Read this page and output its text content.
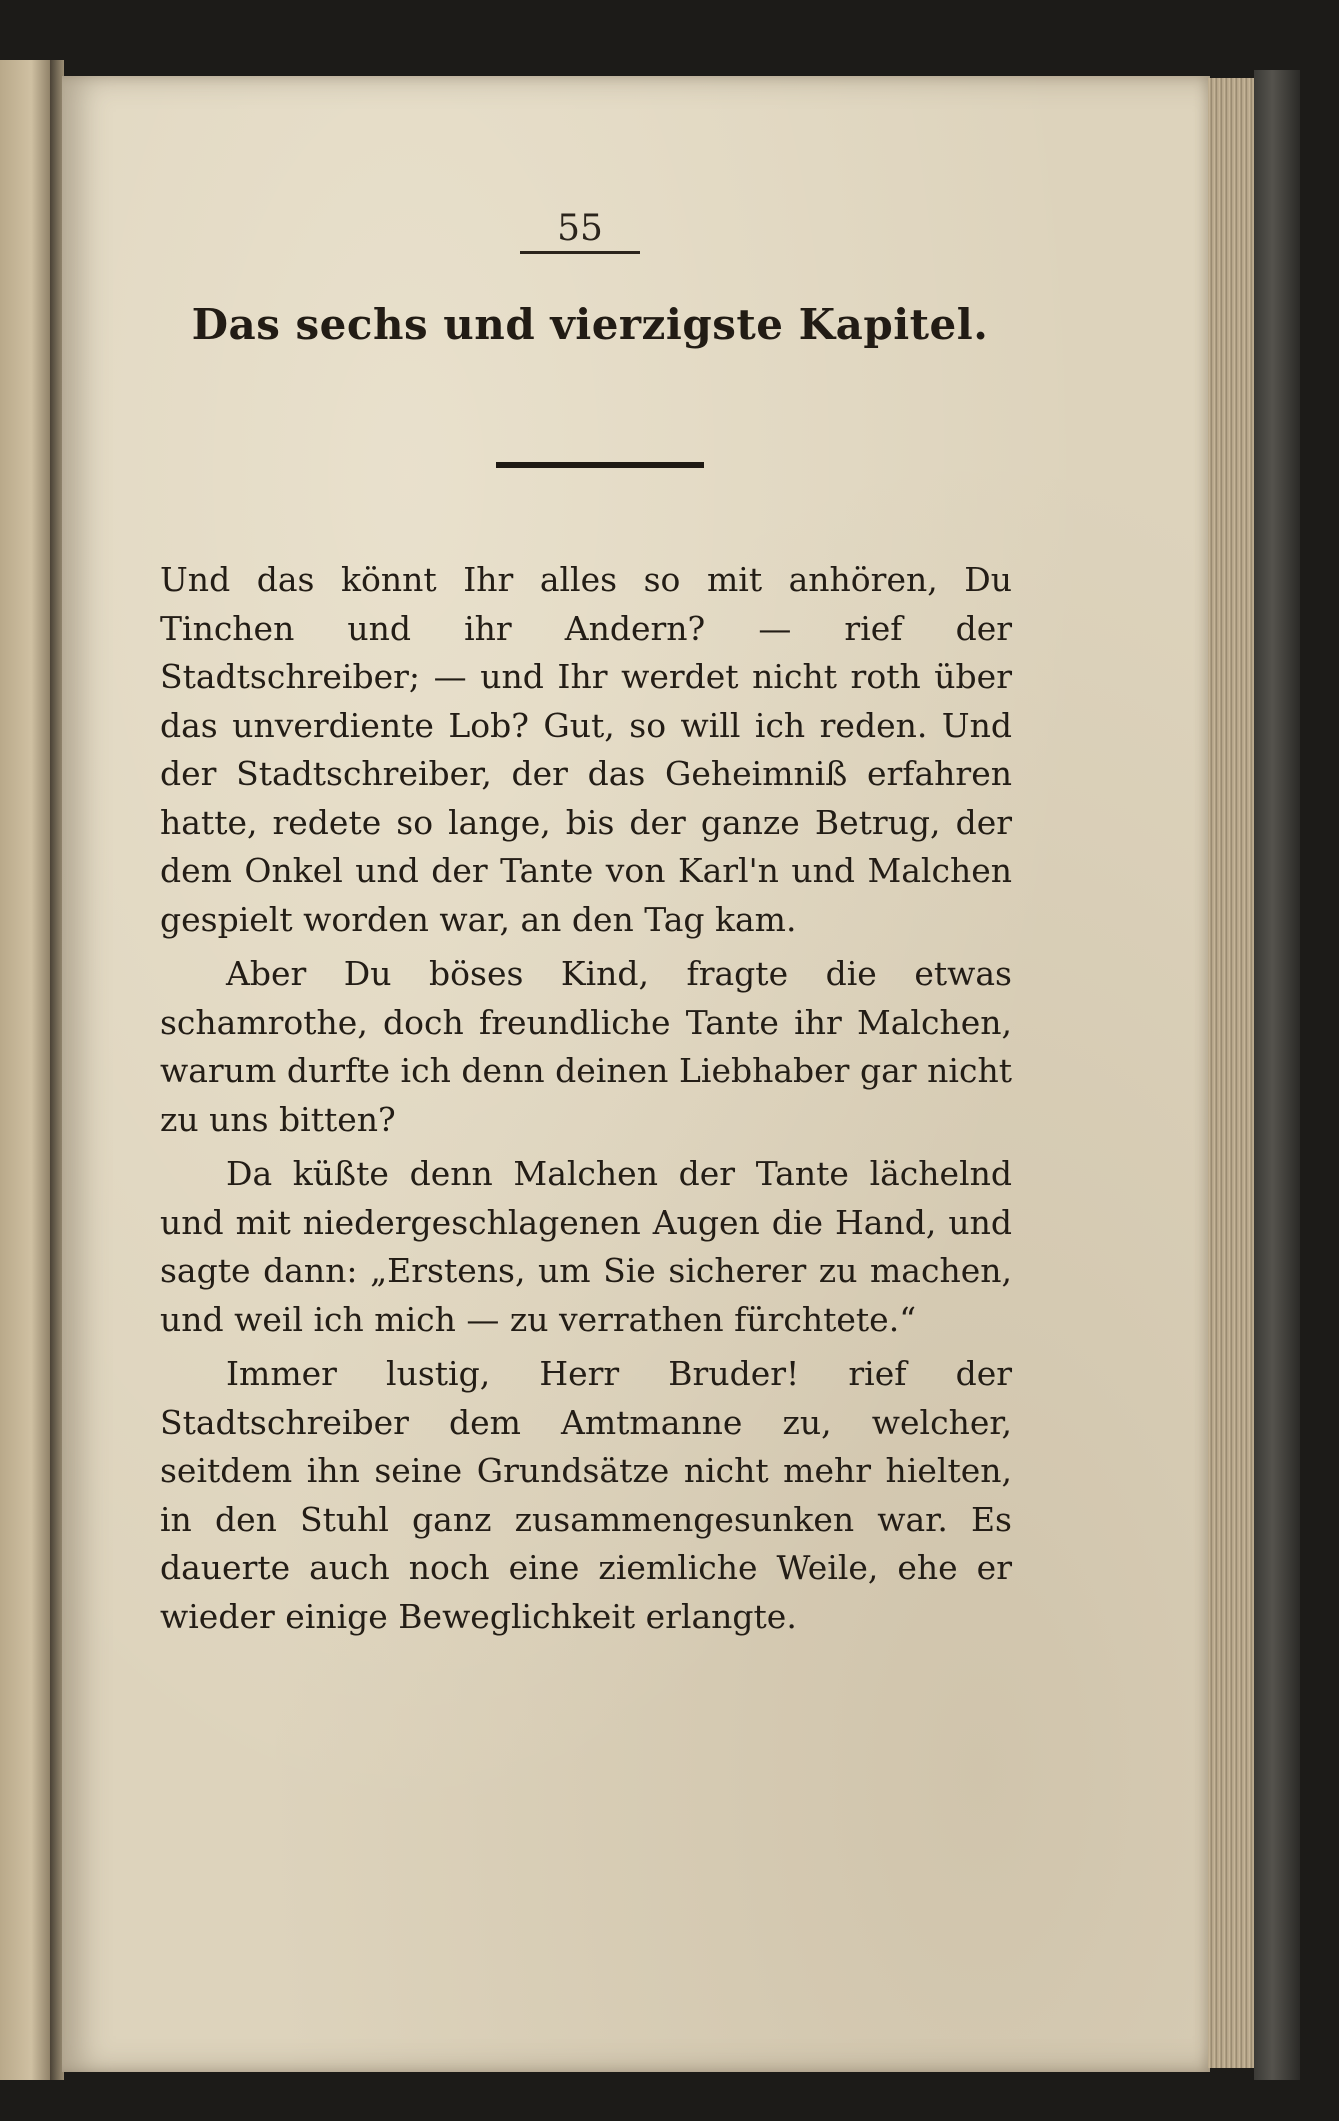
55
Das sechs und vierzigste Kapitel.

Und das könnt Ihr alles so mit anhören, Du Tinchen und ihr Andern? — rief der Stadtschreiber; — und Ihr werdet nicht roth über das unverdiente Lob? Gut, so will ich reden. Und der Stadtschreiber, der das Geheimniß erfahren hatte, redete so lange, bis der ganze Betrug, der dem Onkel und der Tante von Karl'n und Malchen gespielt worden war, an den Tag kam.

Aber Du böses Kind, fragte die etwas schamrothe, doch freundliche Tante ihr Malchen, warum durfte ich denn deinen Liebhaber gar nicht zu uns bitten?

Da küßte denn Malchen der Tante lächelnd und mit niedergeschlagenen Augen die Hand, und sagte dann: „Erstens, um Sie sicherer zu machen, und weil ich mich — zu verrathen fürchtete.“

Immer lustig, Herr Bruder! rief der Stadtschreiber dem Amtmanne zu, welcher, seitdem ihn seine Grundsätze nicht mehr hielten, in den Stuhl ganz zusammengesunken war. Es dauerte auch noch eine ziemliche Weile, ehe er wieder einige Beweglichkeit erlangte.
